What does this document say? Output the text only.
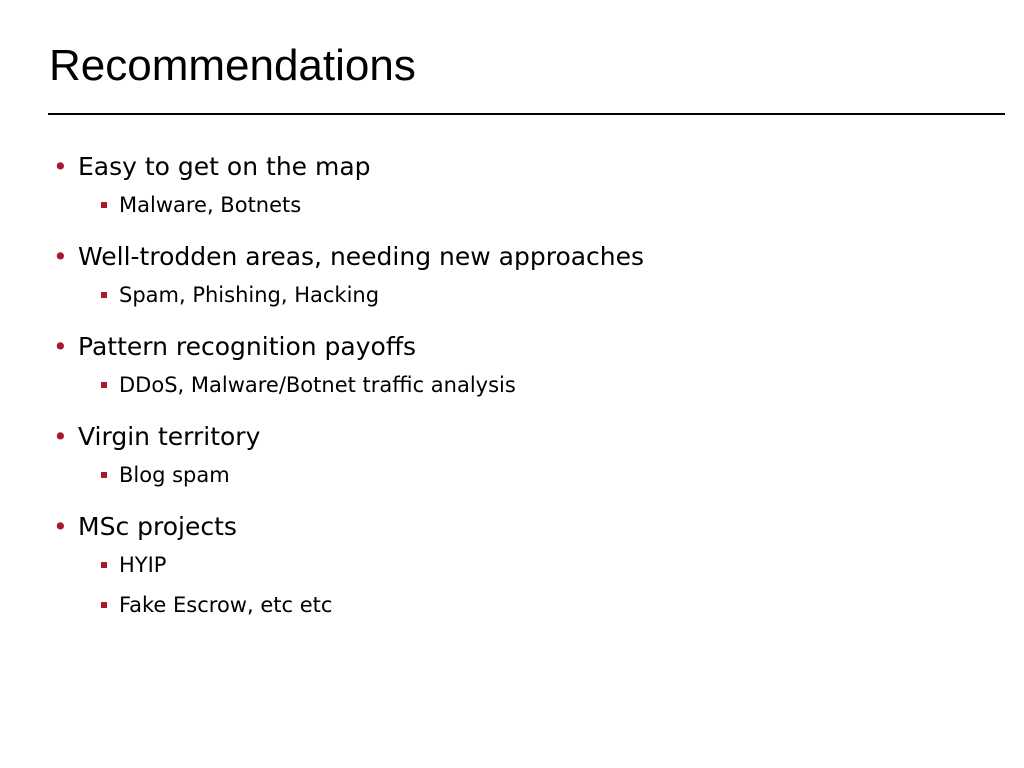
Recommendations
• Easy to get on the map
Malware, Botnets
• Well-trodden areas, needing new approaches
Spam, Phishing, Hacking
• Pattern recognition payoffs
DDoS, Malware/Botnet traffic analysis
• Virgin territory
Blog spam
• MSc projects
HYIP
Fake Escrow, etc etc
